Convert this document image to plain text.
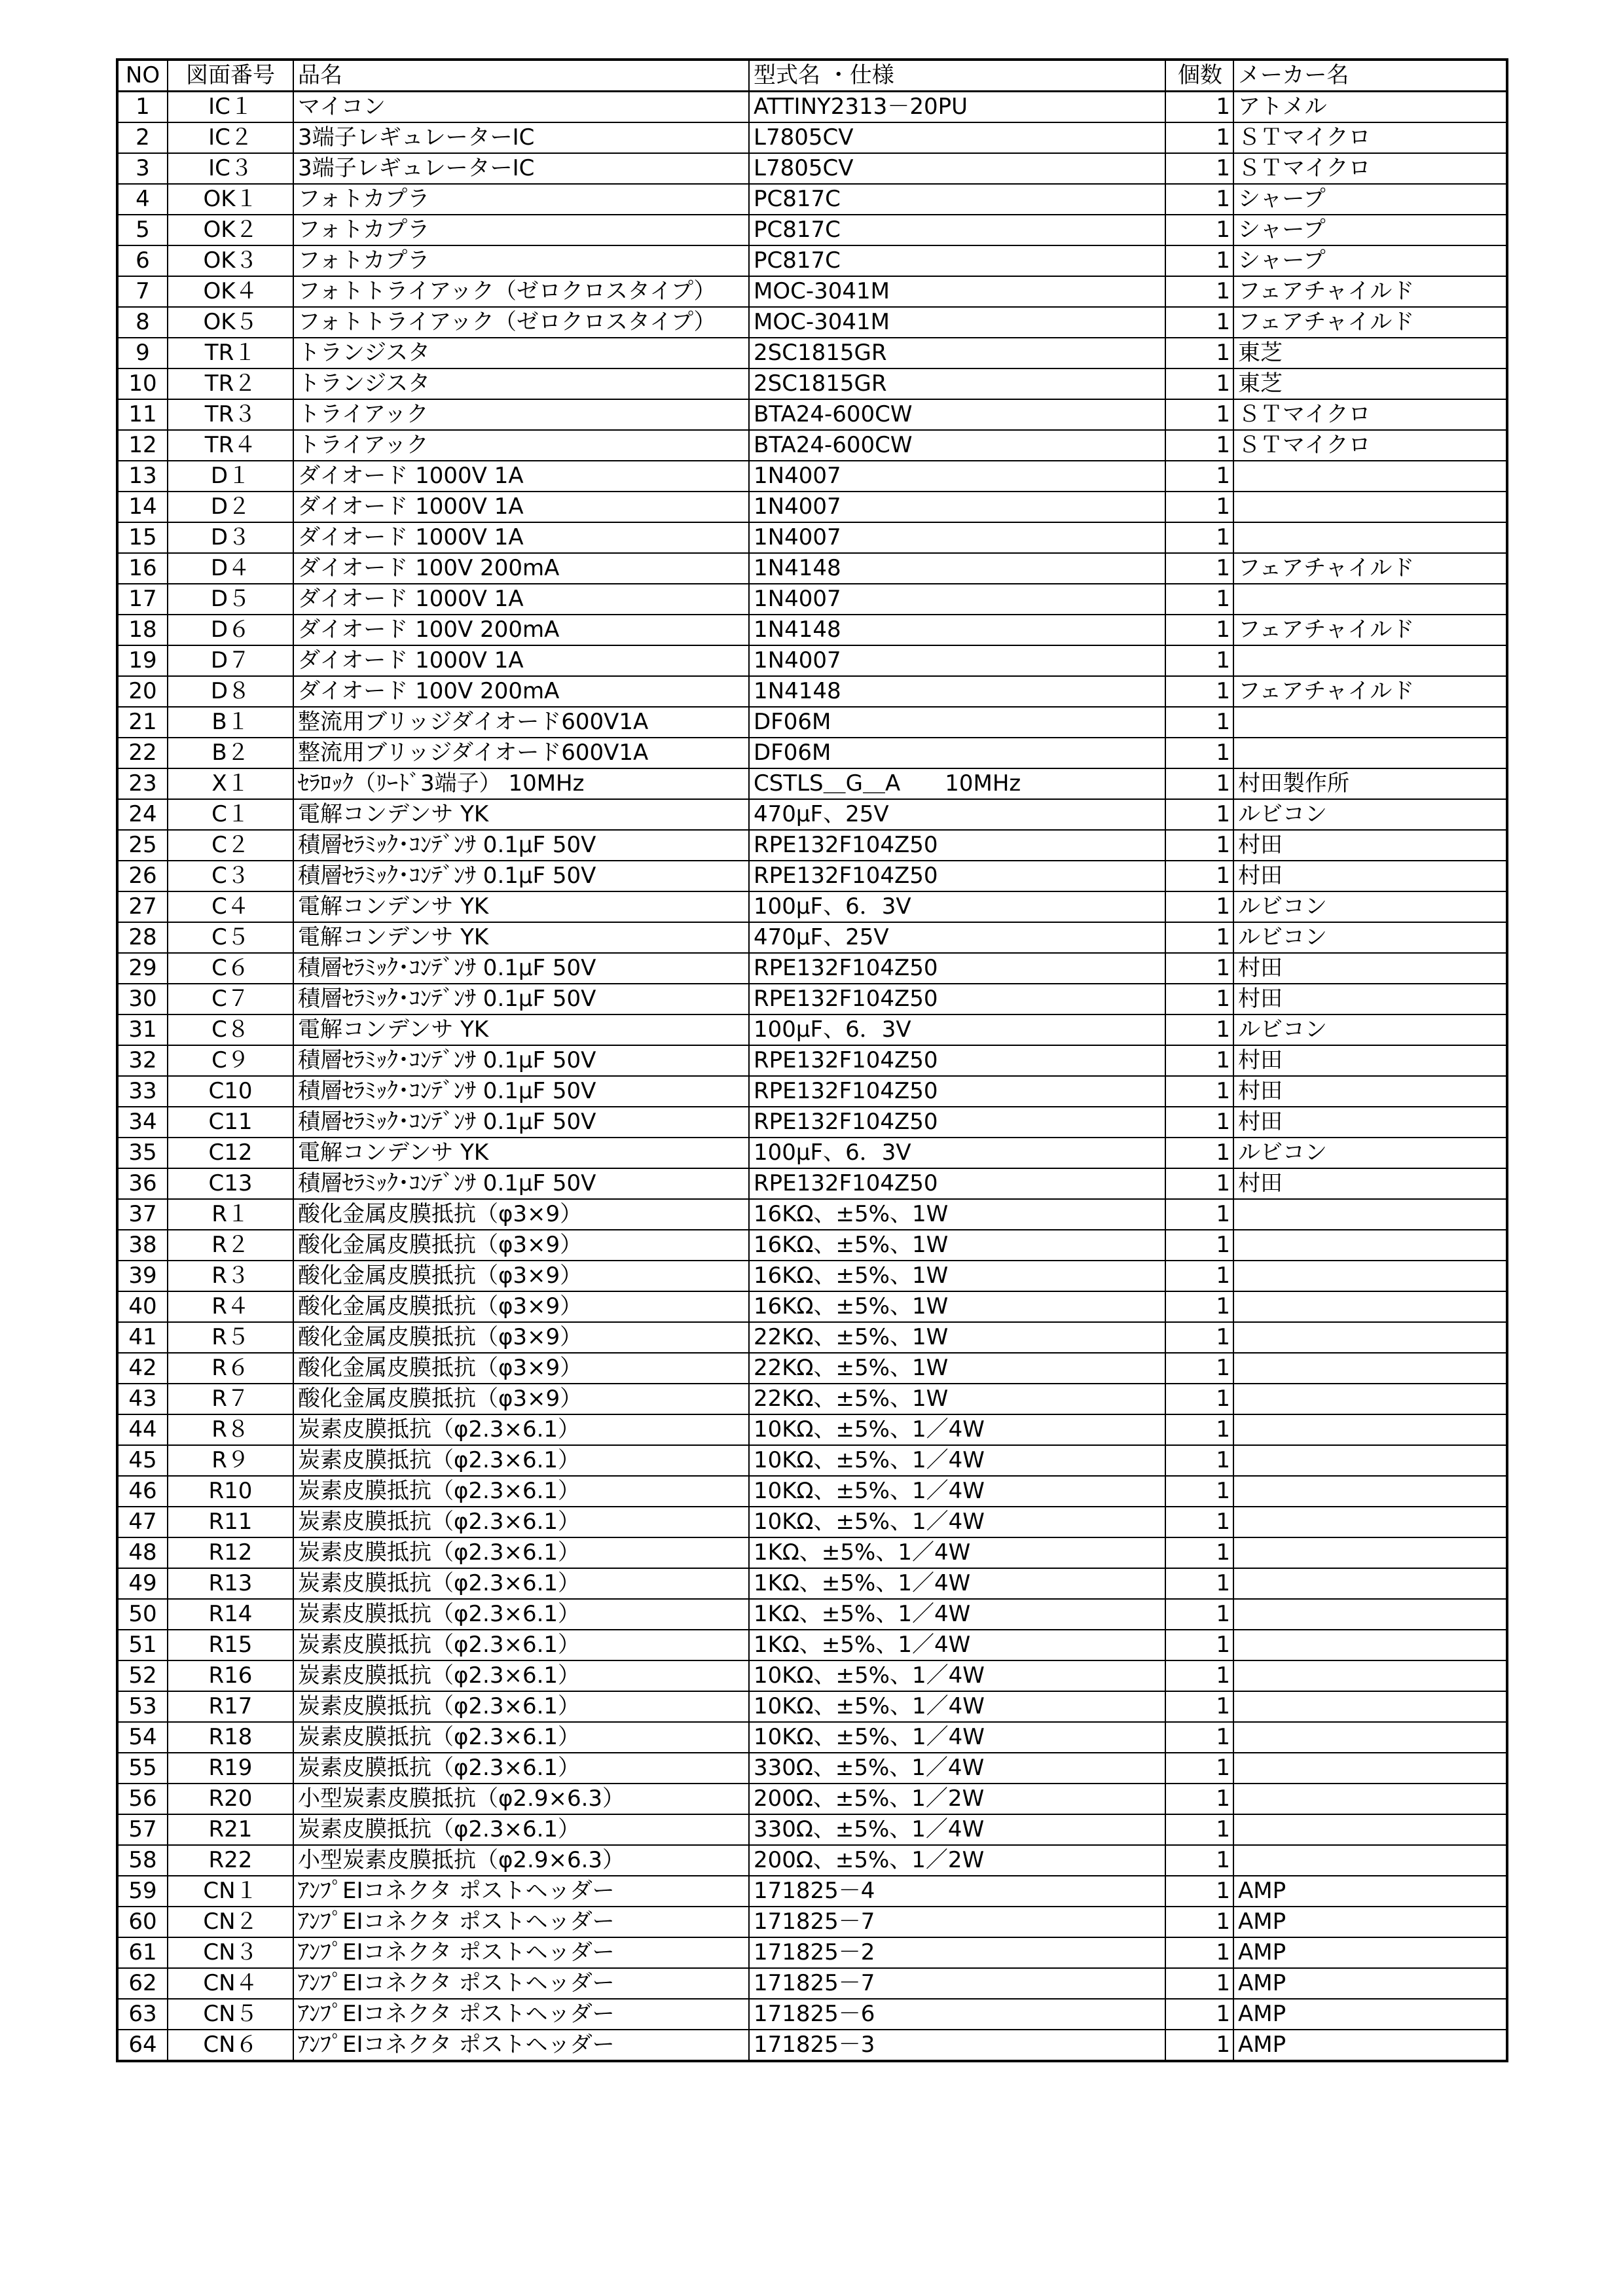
NO	図面番号	品名	型式名 ・仕様	個数	メーカー名
1	IC１	マイコン	ATTINY2313－20PU	1	アトメル
2	IC２	3端子レギュレーターIC	L7805CV	1	ＳＴマイクロ
3	IC３	3端子レギュレーターIC	L7805CV	1	ＳＴマイクロ
4	OK１	フォトカプラ	PC817C	1	シャープ
5	OK２	フォトカプラ	PC817C	1	シャープ
6	OK３	フォトカプラ	PC817C	1	シャープ
7	OK４	フォトトライアック（ゼロクロスタイプ）	MOC-3041M	1	フェアチャイルド
8	OK５	フォトトライアック（ゼロクロスタイプ）	MOC-3041M	1	フェアチャイルド
9	TR１	トランジスタ	2SC1815GR	1	東芝
10	TR２	トランジスタ	2SC1815GR	1	東芝
11	TR３	トライアック	BTA24-600CW	1	ＳＴマイクロ
12	TR４	トライアック	BTA24-600CW	1	ＳＴマイクロ
13	D１	ダイオード 1000V 1A	1N4007	1	
14	D２	ダイオード 1000V 1A	1N4007	1	
15	D３	ダイオード 1000V 1A	1N4007	1	
16	D４	ダイオード 100V 200mA	1N4148	1	フェアチャイルド
17	D５	ダイオード 1000V 1A	1N4007	1	
18	D６	ダイオード 100V 200mA	1N4148	1	フェアチャイルド
19	D７	ダイオード 1000V 1A	1N4007	1	
20	D８	ダイオード 100V 200mA	1N4148	1	フェアチャイルド
21	B１	整流用ブリッジダイオード600V1A	DF06M	1	
22	B２	整流用ブリッジダイオード600V1A	DF06M	1	
23	X１	ｾﾗﾛｯｸ（ﾘｰﾄﾞ3端子） 10MHz	CSTLS＿G＿A　　10MHz	1	村田製作所
24	C１	電解コンデンサ YK	470μF、25V	1	ルビコン
25	C２	積層ｾﾗﾐｯｸ･ｺﾝﾃﾞﾝｻ 0.1μF 50V	RPE132F104Z50	1	村田
26	C３	積層ｾﾗﾐｯｸ･ｺﾝﾃﾞﾝｻ 0.1μF 50V	RPE132F104Z50	1	村田
27	C４	電解コンデンサ YK	100μF、6．3V	1	ルビコン
28	C５	電解コンデンサ YK	470μF、25V	1	ルビコン
29	C６	積層ｾﾗﾐｯｸ･ｺﾝﾃﾞﾝｻ 0.1μF 50V	RPE132F104Z50	1	村田
30	C７	積層ｾﾗﾐｯｸ･ｺﾝﾃﾞﾝｻ 0.1μF 50V	RPE132F104Z50	1	村田
31	C８	電解コンデンサ YK	100μF、6．3V	1	ルビコン
32	C９	積層ｾﾗﾐｯｸ･ｺﾝﾃﾞﾝｻ 0.1μF 50V	RPE132F104Z50	1	村田
33	C10	積層ｾﾗﾐｯｸ･ｺﾝﾃﾞﾝｻ 0.1μF 50V	RPE132F104Z50	1	村田
34	C11	積層ｾﾗﾐｯｸ･ｺﾝﾃﾞﾝｻ 0.1μF 50V	RPE132F104Z50	1	村田
35	C12	電解コンデンサ YK	100μF、6．3V	1	ルビコン
36	C13	積層ｾﾗﾐｯｸ･ｺﾝﾃﾞﾝｻ 0.1μF 50V	RPE132F104Z50	1	村田
37	R１	酸化金属皮膜抵抗（φ3×9）	16KΩ、±5%、1W	1	
38	R２	酸化金属皮膜抵抗（φ3×9）	16KΩ、±5%、1W	1	
39	R３	酸化金属皮膜抵抗（φ3×9）	16KΩ、±5%、1W	1	
40	R４	酸化金属皮膜抵抗（φ3×9）	16KΩ、±5%、1W	1	
41	R５	酸化金属皮膜抵抗（φ3×9）	22KΩ、±5%、1W	1	
42	R６	酸化金属皮膜抵抗（φ3×9）	22KΩ、±5%、1W	1	
43	R７	酸化金属皮膜抵抗（φ3×9）	22KΩ、±5%、1W	1	
44	R８	炭素皮膜抵抗（φ2.3×6.1）	10KΩ、±5%、1／4W	1	
45	R９	炭素皮膜抵抗（φ2.3×6.1）	10KΩ、±5%、1／4W	1	
46	R10	炭素皮膜抵抗（φ2.3×6.1）	10KΩ、±5%、1／4W	1	
47	R11	炭素皮膜抵抗（φ2.3×6.1）	10KΩ、±5%、1／4W	1	
48	R12	炭素皮膜抵抗（φ2.3×6.1）	1KΩ、±5%、1／4W	1	
49	R13	炭素皮膜抵抗（φ2.3×6.1）	1KΩ、±5%、1／4W	1	
50	R14	炭素皮膜抵抗（φ2.3×6.1）	1KΩ、±5%、1／4W	1	
51	R15	炭素皮膜抵抗（φ2.3×6.1）	1KΩ、±5%、1／4W	1	
52	R16	炭素皮膜抵抗（φ2.3×6.1）	10KΩ、±5%、1／4W	1	
53	R17	炭素皮膜抵抗（φ2.3×6.1）	10KΩ、±5%、1／4W	1	
54	R18	炭素皮膜抵抗（φ2.3×6.1）	10KΩ、±5%、1／4W	1	
55	R19	炭素皮膜抵抗（φ2.3×6.1）	330Ω、±5%、1／4W	1	
56	R20	小型炭素皮膜抵抗（φ2.9×6.3）	200Ω、±5%、1／2W	1	
57	R21	炭素皮膜抵抗（φ2.3×6.1）	330Ω、±5%、1／4W	1	
58	R22	小型炭素皮膜抵抗（φ2.9×6.3）	200Ω、±5%、1／2W	1	
59	CN１	ｱﾝﾌﾟEIコネクタ ポストヘッダー	171825－4	1	AMP
60	CN２	ｱﾝﾌﾟEIコネクタ ポストヘッダー	171825－7	1	AMP
61	CN３	ｱﾝﾌﾟEIコネクタ ポストヘッダー	171825－2	1	AMP
62	CN４	ｱﾝﾌﾟEIコネクタ ポストヘッダー	171825－7	1	AMP
63	CN５	ｱﾝﾌﾟEIコネクタ ポストヘッダー	171825－6	1	AMP
64	CN６	ｱﾝﾌﾟEIコネクタ ポストヘッダー	171825－3	1	AMP
